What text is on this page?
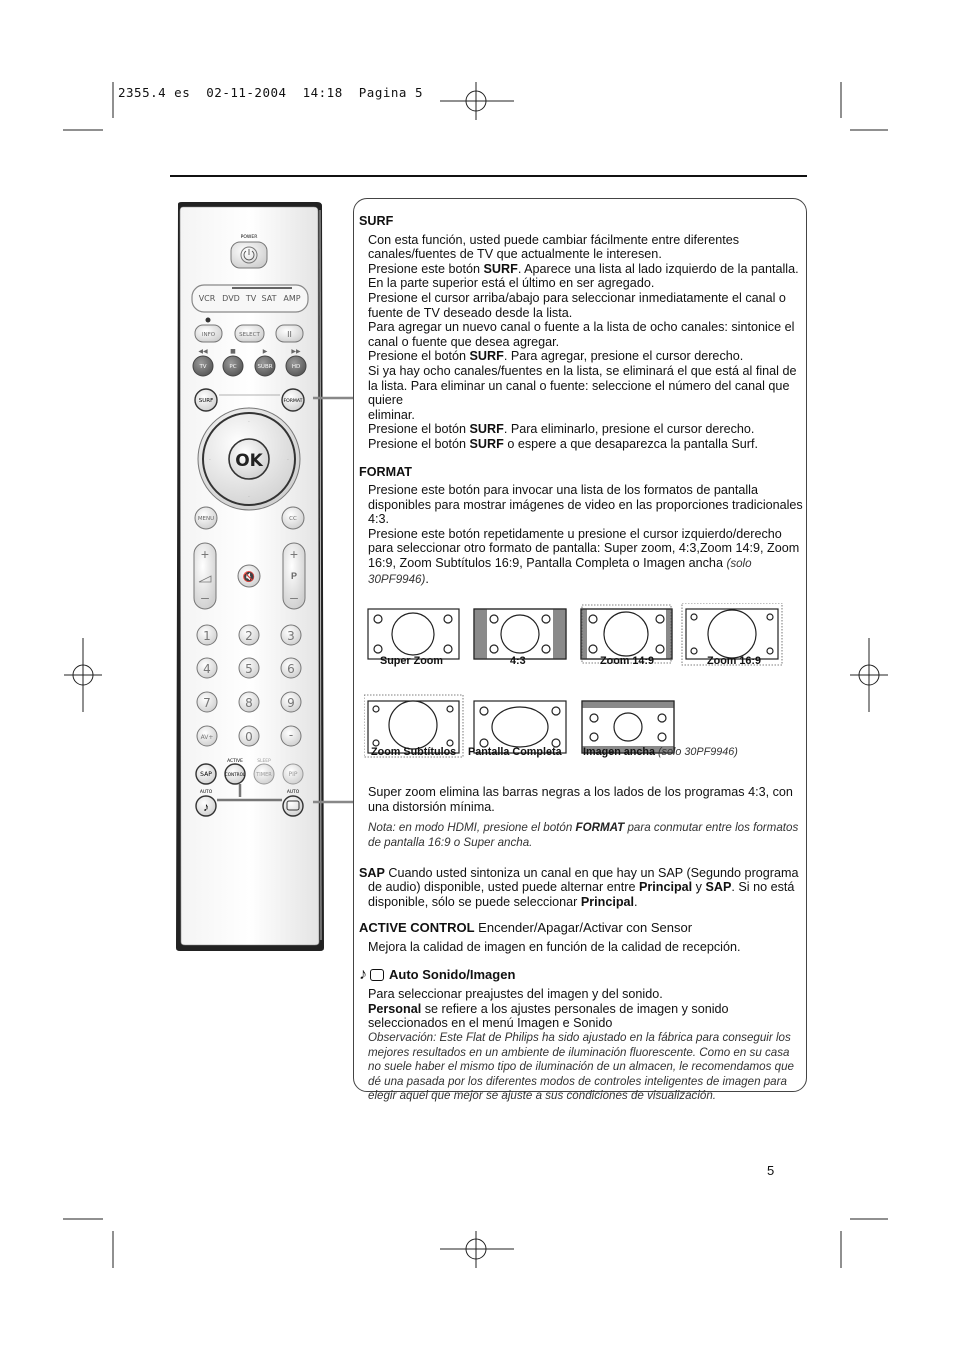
2355.4 es  02-11-2004  14:18  Pagina 5
POWER
VCR DVD TV SAT AMP
INFO	SELECT	II
◀◀	■	▶	▶▶
TV	PC	SUBR	HD
SURF	FORMAT
OK
·
·
·	·
MENU	CC
+
–
🔇
+
P
–
1	2	3
4	5	6
7	8	9
AV+	0	-
ACTIVE	SLEEP
SAP	CONTROL TIMER	PIP
AUTO	AUTO
♪

SURF

Con esta función, usted puede cambiar fácilmente entre diferentes canales/fuentes de TV que actualmente le interesen.

Presione este botón SURF. Aparece una lista al lado izquierdo de la pantalla. En la parte superior está el último en ser agregado.

Presione el cursor arriba/abajo para seleccionar inmediatamente el canal o fuente de TV deseado desde la lista.

Para agregar un nuevo canal o fuente a la lista de ocho canales: sintonice el canal o fuente que desea agregar.

Presione el botón SURF. Para agregar, presione el cursor derecho.

Si ya hay ocho canales/fuentes en la lista, se eliminará el que está al final de la lista. Para eliminar un canal o fuente: seleccione el número del canal que quiere

eliminar.

Presione el botón SURF. Para eliminarlo, presione el cursor derecho.

Presione el botón SURF o espere a que desaparezca la pantalla Surf.

FORMAT

Presione este botón para invocar una lista de los formatos de pantalla disponibles para mostrar imágenes de video en las proporciones tradicionales 4:3.

Presione este botón repetidamente u presione el cursor izquierdo/derecho para seleccionar otro formato de pantalla: Super zoom, 4:3,Zoom 14:9, Zoom 16:9, Zoom Subtítulos 16:9, Pantalla Completa o Imagen ancha (solo 30PF9946).

Super Zoom	4:3	Zoom 14:9	Zoom 16:9
Zoom Subtítulos Pantalla Completa Imagen ancha (solo 30PF9946)

Super zoom elimina las barras negras a los lados de los programas 4:3, con una distorsión mínima.

Nota: en modo HDMI, presione el botón FORMAT para conmutar entre los formatos de pantalla 16:9 o Super ancha.

SAP Cuando usted sintoniza un canal en que hay un SAP (Segundo programa de audio) disponible, usted puede alternar entre Principal y SAP. Si no está disponible, sólo se puede seleccionar Principal.

ACTIVE CONTROL Encender/Apagar/Activar con Sensor

Mejora la calidad de imagen en función de la calidad de recepción.

♪ Auto Sonido/Imagen

Para seleccionar preajustes del imagen y del sonido.

Personal se refiere a los ajustes personales de imagen y sonido seleccionados en el menú Imagen e Sonido

Observación: Este Flat de Philips ha sido ajustado en la fábrica para conseguir los mejores resultados en un ambiente de iluminación fluorescente. Como en su casa no suele haber el mismo tipo de iluminación de un almacen, le recomendamos que dé una pasada por los diferentes modos de controles inteligentes de imagen para elegir aquel que mejor se ajuste a sus condiciones de visualización.

5
